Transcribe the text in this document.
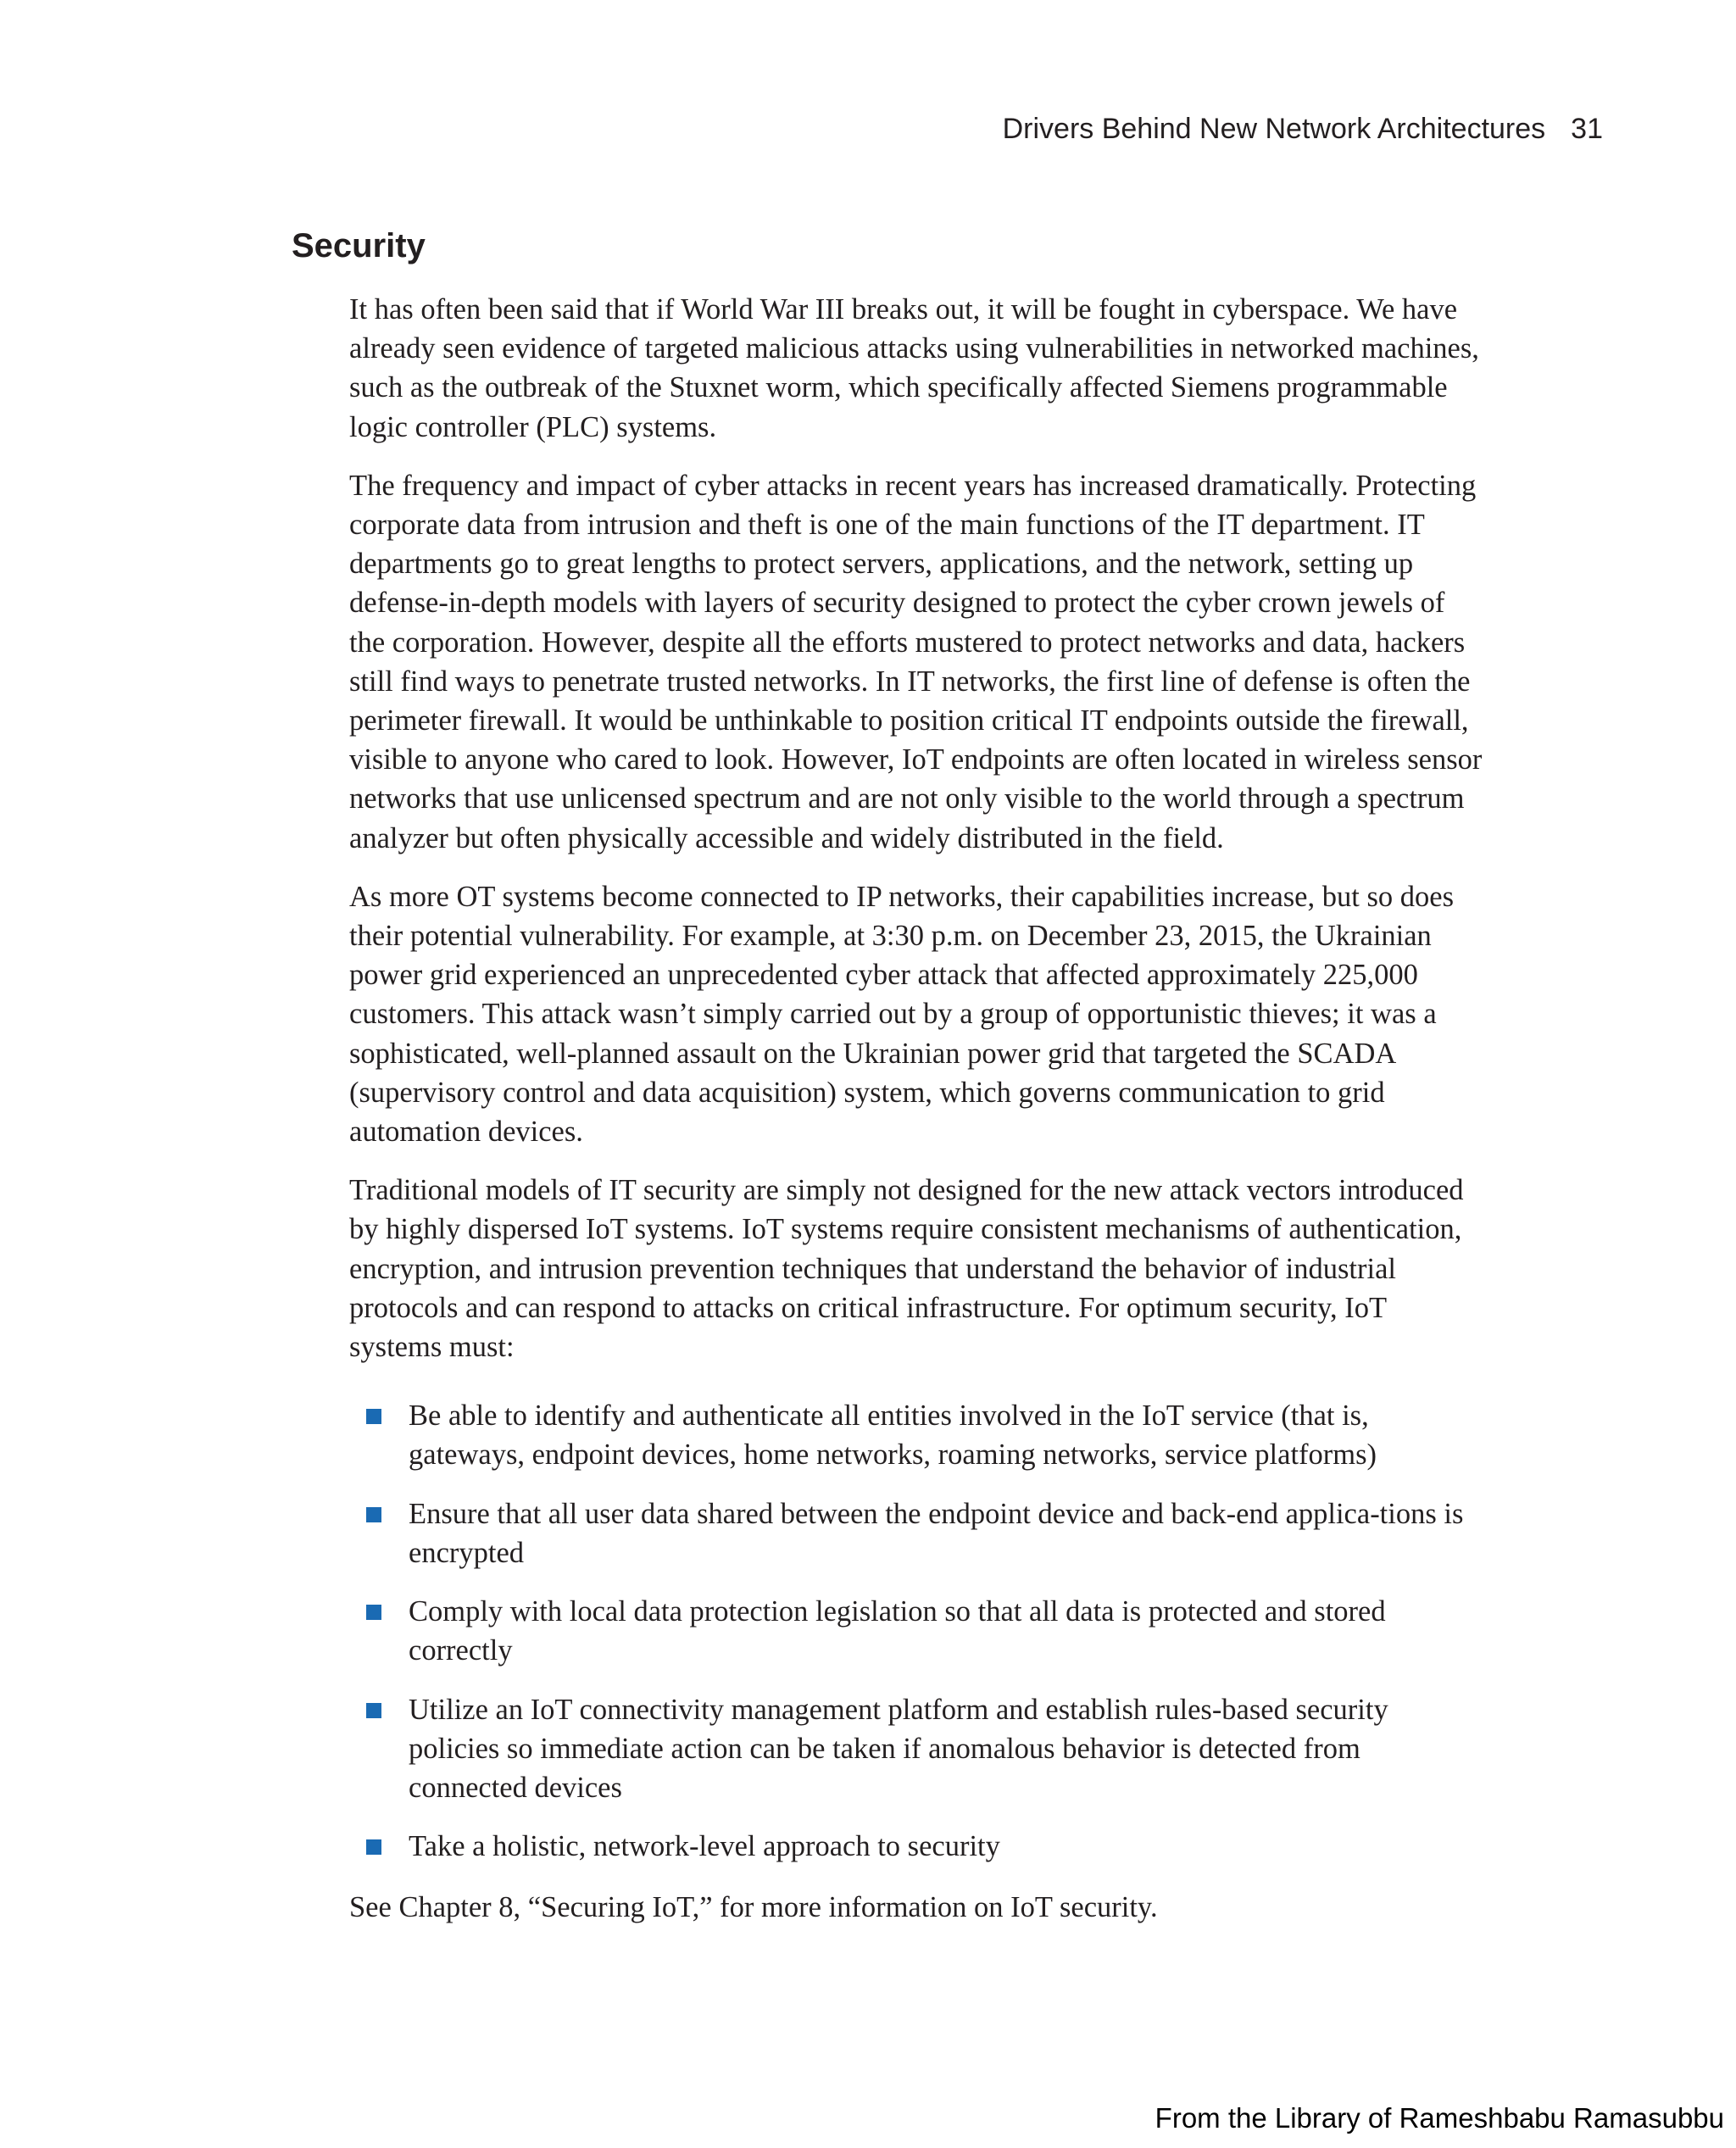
Drivers Behind New Network Architectures 31
Security

It has often been said that if World War III breaks out, it will be fought in cyberspace. We have already seen evidence of targeted malicious attacks using vulnerabilities in networked machines, such as the outbreak of the Stuxnet worm, which specifically affected Siemens programmable logic controller (PLC) systems.

The frequency and impact of cyber attacks in recent years has increased dramatically. Protecting corporate data from intrusion and theft is one of the main functions of the IT department. IT departments go to great lengths to protect servers, applications, and the network, setting up defense-in-depth models with layers of security designed to protect the cyber crown jewels of the corporation. However, despite all the efforts mustered to protect networks and data, hackers still find ways to penetrate trusted networks. In IT networks, the first line of defense is often the perimeter firewall. It would be unthinkable to position critical IT endpoints outside the firewall, visible to anyone who cared to look. However, IoT endpoints are often located in wireless sensor networks that use unlicensed spectrum and are not only visible to the world through a spectrum analyzer but often physically accessible and widely distributed in the field.

As more OT systems become connected to IP networks, their capabilities increase, but so does their potential vulnerability. For example, at 3:30 p.m. on December 23, 2015, the Ukrainian power grid experienced an unprecedented cyber attack that affected approximately 225,000 customers. This attack wasn’t simply carried out by a group of opportunistic thieves; it was a sophisticated, well-planned assault on the Ukrainian power grid that targeted the SCADA (supervisory control and data acquisition) system, which governs communication to grid automation devices.

Traditional models of IT security are simply not designed for the new attack vectors introduced by highly dispersed IoT systems. IoT systems require consistent mechanisms of authentication, encryption, and intrusion prevention techniques that understand the behavior of industrial protocols and can respond to attacks on critical infrastructure. For optimum security, IoT systems must:

Be able to identify and authenticate all entities involved in the IoT service (that is, gateways, endpoint devices, home networks, roaming networks, service platforms)
Ensure that all user data shared between the endpoint device and back-end applica-tions is encrypted
Comply with local data protection legislation so that all data is protected and stored correctly
Utilize an IoT connectivity management platform and establish rules-based security policies so immediate action can be taken if anomalous behavior is detected from connected devices
Take a holistic, network-level approach to security

See Chapter 8, “Securing IoT,” for more information on IoT security.

From the Library of Rameshbabu Ramasubbu
